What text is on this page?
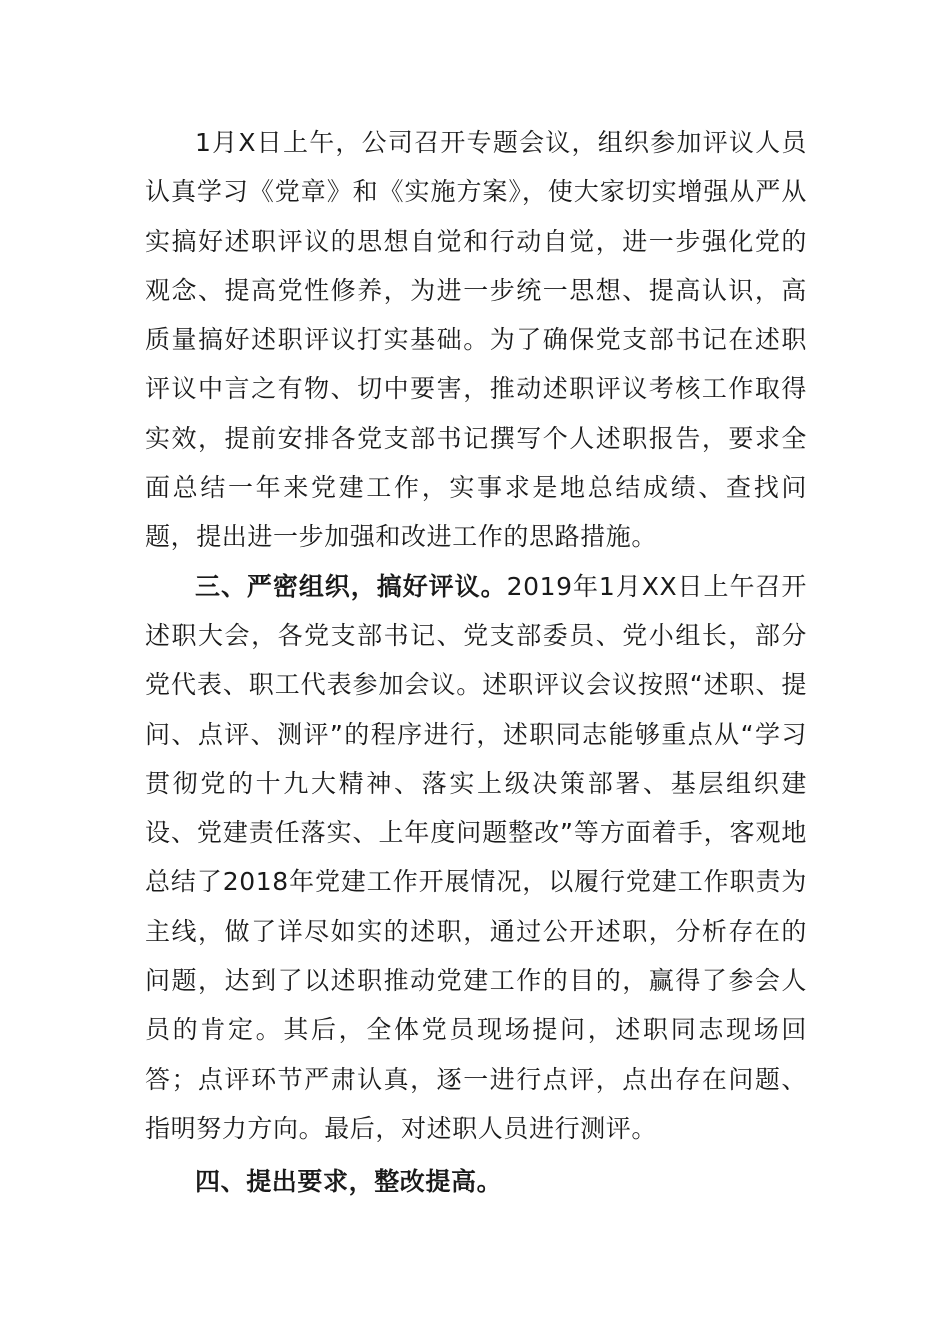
1月X日上午，公司召开专题会议，组织参加评议人员认真学习《党章》和《实施方案》，使大家切实增强从严从实搞好述职评议的思想自觉和行动自觉，进一步强化党的观念、提高党性修养，为进一步统一思想、提高认识，高质量搞好述职评议打实基础。为了确保党支部书记在述职评议中言之有物、切中要害，推动述职评议考核工作取得实效，提前安排各党支部书记撰写个人述职报告，要求全面总结一年来党建工作，实事求是地总结成绩、查找问题，提出进一步加强和改进工作的思路措施。

三、严密组织，搞好评议。2019年1月XX日上午召开述职大会，各党支部书记、党支部委员、党小组长，部分党代表、职工代表参加会议。述职评议会议按照“述职、提问、点评、测评”的程序进行，述职同志能够重点从“学习贯彻党的十九大精神、落实上级决策部署、基层组织建设、党建责任落实、上年度问题整改”等方面着手，客观地总结了2018年党建工作开展情况，以履行党建工作职责为主线，做了详尽如实的述职，通过公开述职，分析存在的问题，达到了以述职推动党建工作的目的，赢得了参会人员的肯定。其后，全体党员现场提问，述职同志现场回答；点评环节严肃认真，逐一进行点评，点出存在问题、指明努力方向。最后，对述职人员进行测评。

四、提出要求，整改提高。
